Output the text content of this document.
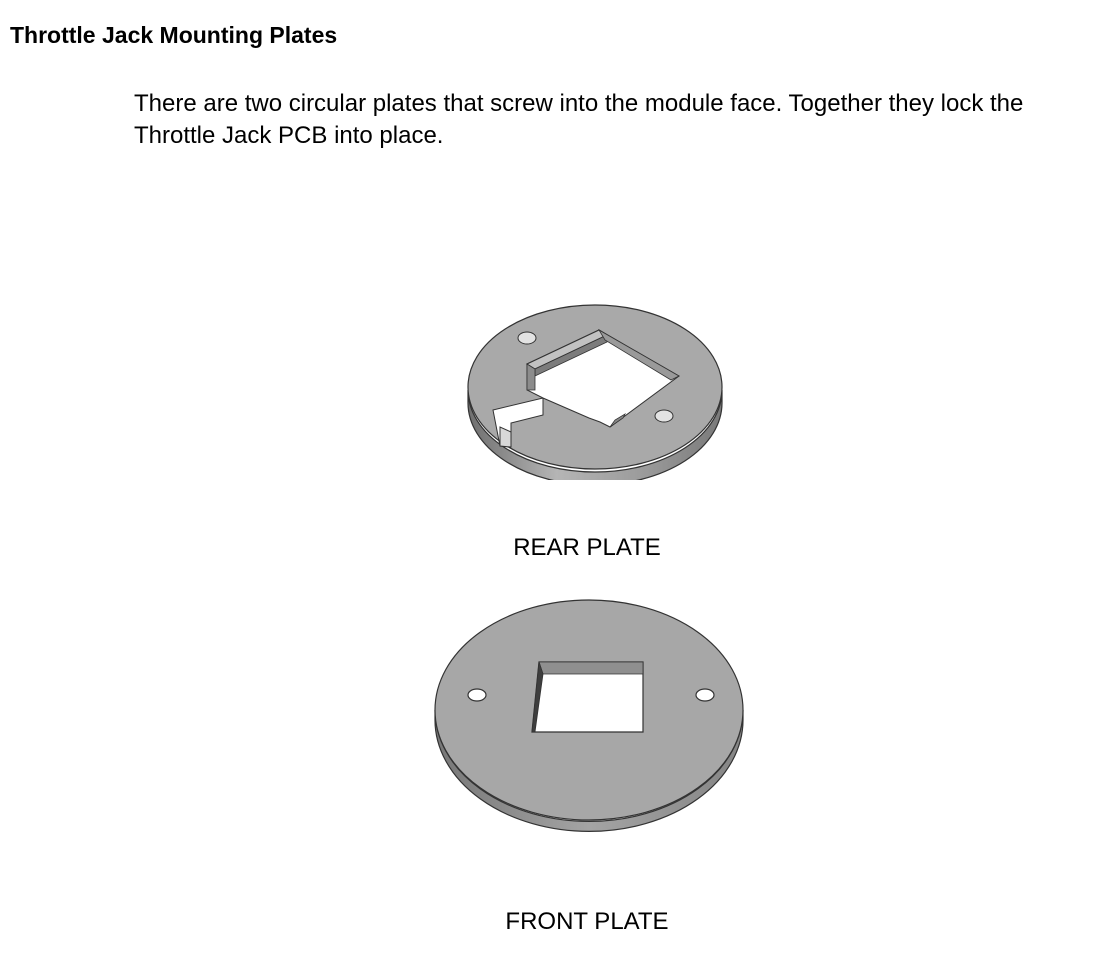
Throttle Jack Mounting Plates

There are two circular plates that screw into the module face. Together they lock the Throttle Jack PCB into place.

REAR PLATE
FRONT PLATE
